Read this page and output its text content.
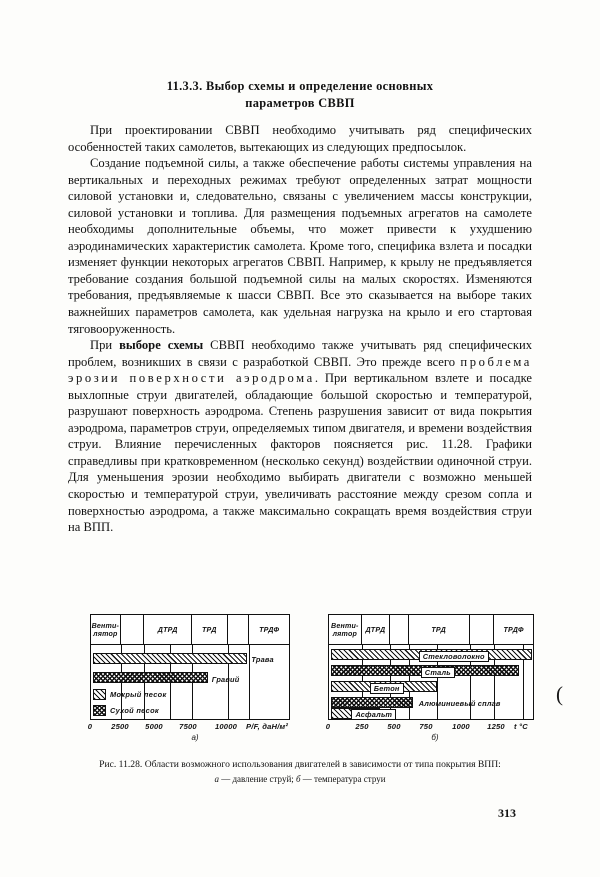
11.3.3. Выбор схемы и определение основных
параметров СВВП

При проектировании СВВП необходимо учитывать ряд специфических особенностей таких самолетов, вытекающих из следующих предпосылок.

Создание подъемной силы, а также обеспечение работы системы управления на вертикальных и переходных режимах требуют определенных затрат мощности силовой установки и, следовательно, связаны с увеличением массы конструкции, силовой установки и топлива. Для размещения подъемных агрегатов на самолете необходимы дополнительные объемы, что может привести к ухудшению аэродинамических характеристик самолета. Кроме того, специфика взлета и посадки изменяет функции некоторых агрегатов СВВП. Например, к крылу не предъявляется требование создания большой подъемной силы на малых скоростях. Изменяются требования, предъявляемые к шасси СВВП. Все это сказывается на выборе таких важнейших параметров самолета, как удельная нагрузка на крыло и его стартовая тяговооруженность.

При выборе схемы СВВП необходимо также учитывать ряд специфических проблем, возникших в связи с разработкой СВВП. Это прежде всего проблема эрозии поверхности аэродрома. При вертикальном взлете и посадке выхлопные струи двигателей, обладающие большой скоростью и температурой, разрушают поверхность аэродрома. Степень разрушения зависит от вида покрытия аэродрома, параметров струи, определяемых типом двигателя, и времени воздействия струи. Влияние перечисленных факторов поясняется рис. 11.28. Графики справедливы при кратковременном (несколько секунд) воздействии одиночной струи. Для уменьшения эрозии необходимо выбирать двигатели с возможно меньшей скоростью и температурой струи, увеличивать расстояние между срезом сопла и поверхностью аэродрома, а также максимально сокращать время воздействия струи на ВПП.

Венти-
лятор	ДТРД	ТРД	ТРДФ
Трава
Гравий
Мокрый песок
Сухой песок
0 2500 5000 7500 10000 P/F, даН/м²
а)
Венти-
лятор ДТРД	ТРД	ТРДФ
Стекловолокно
Сталь
Бетон
Алюминиевый сплав
Асфальт
0	250 500 750	1000 1250 t °C
б)
(
Рис. 11.28. Области возможного использования двигателей в зависимости от типа покрытия ВПП:
а — давление струй; б — температура струи
313
